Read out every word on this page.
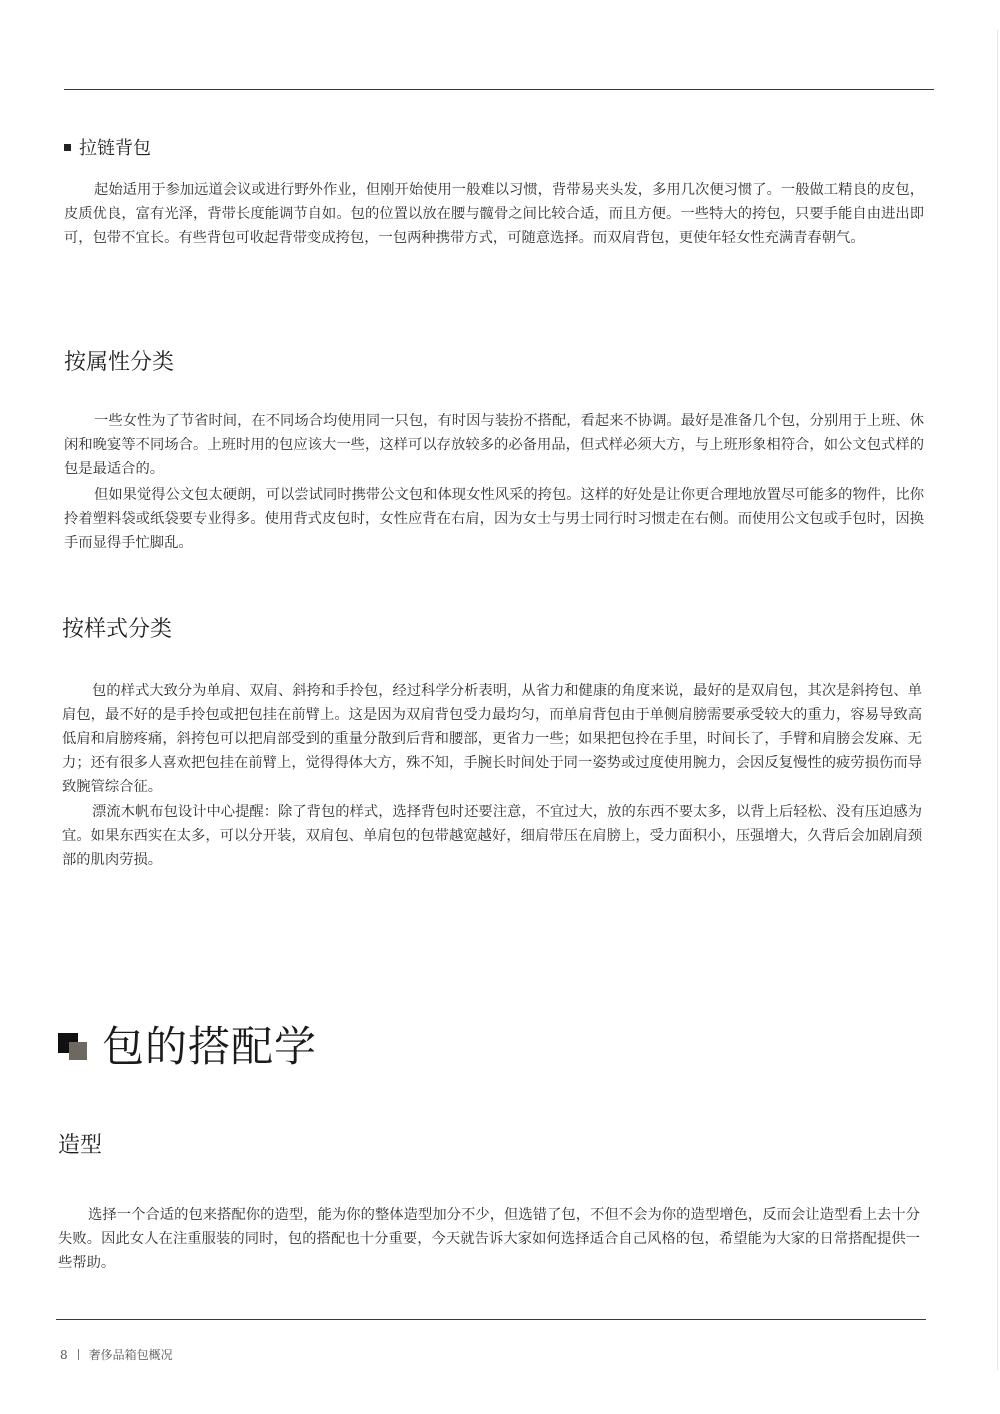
拉链背包

起始适用于参加远道会议或进行野外作业，但刚开始使用一般难以习惯，背带易夹头发，多用几次便习惯了。一般做工精良的皮包，皮质优良，富有光泽，背带长度能调节自如。包的位置以放在腰与髋骨之间比较合适，而且方便。一些特大的挎包，只要手能自由进出即可，包带不宜长。有些背包可收起背带变成挎包，一包两种携带方式，可随意选择。而双肩背包，更使年轻女性充满青春朝气。

按属性分类

一些女性为了节省时间，在不同场合均使用同一只包，有时因与装扮不搭配，看起来不协调。最好是准备几个包，分别用于上班、休闲和晚宴等不同场合。上班时用的包应该大一些，这样可以存放较多的必备用品，但式样必须大方，与上班形象相符合，如公文包式样的包是最适合的。

但如果觉得公文包太硬朗，可以尝试同时携带公文包和体现女性风采的挎包。这样的好处是让你更合理地放置尽可能多的物件，比你拎着塑料袋或纸袋要专业得多。使用背式皮包时，女性应背在右肩，因为女士与男士同行时习惯走在右侧。而使用公文包或手包时，因换手而显得手忙脚乱。

按样式分类

包的样式大致分为单肩、双肩、斜挎和手拎包，经过科学分析表明，从省力和健康的角度来说，最好的是双肩包，其次是斜挎包、单肩包，最不好的是手拎包或把包挂在前臂上。这是因为双肩背包受力最均匀，而单肩背包由于单侧肩膀需要承受较大的重力，容易导致高低肩和肩膀疼痛，斜挎包可以把肩部受到的重量分散到后背和腰部，更省力一些；如果把包拎在手里，时间长了，手臂和肩膀会发麻、无力；还有很多人喜欢把包挂在前臂上，觉得得体大方，殊不知，手腕长时间处于同一姿势或过度使用腕力，会因反复慢性的疲劳损伤而导致腕管综合征。

漂流木帆布包设计中心提醒：除了背包的样式，选择背包时还要注意，不宜过大，放的东西不要太多，以背上后轻松、没有压迫感为宜。如果东西实在太多，可以分开装，双肩包、单肩包的包带越宽越好，细肩带压在肩膀上，受力面积小，压强增大，久背后会加剧肩颈部的肌肉劳损。

包的搭配学
造型

选择一个合适的包来搭配你的造型，能为你的整体造型加分不少，但选错了包，不但不会为你的造型增色，反而会让造型看上去十分失败。因此女人在注重服装的同时，包的搭配也十分重要，今天就告诉大家如何选择适合自己风格的包，希望能为大家的日常搭配提供一些帮助。

8 奢侈品箱包概况
